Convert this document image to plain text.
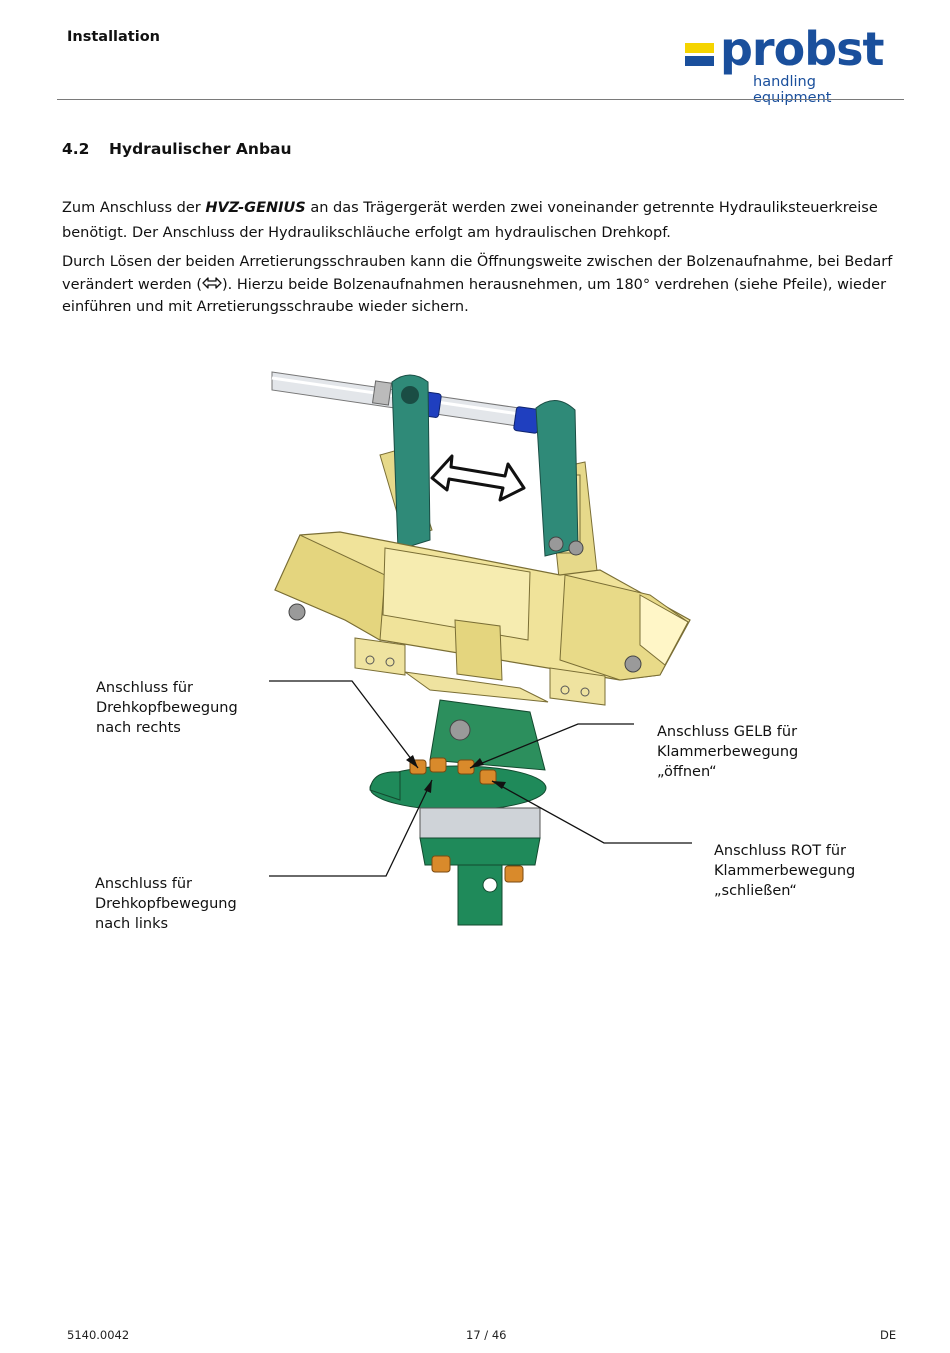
Installation	probst
handling equipment
4.2 Hydraulischer Anbau
Zum Anschluss der HVZ-GENIUS an das Trägergerät werden zwei voneinander getrennte Hydrauliksteuerkreise benötigt. Der Anschluss der Hydraulikschläuche erfolgt am hydraulischen Drehkopf.
Durch Lösen der beiden Arretierungsschrauben kann die Öffnungsweite zwischen der Bolzenaufnahme, bei Bedarf verändert werden ( ). Hierzu beide Bolzenaufnahmen herausnehmen, um 180° verdrehen (siehe Pfeile), wieder einführen und mit Arretierungsschraube wieder sichern.
Anschluss für
Drehkopfbewegung
nach rechts	Anschluss GELB für
Klammerbewegung
„öffnen“
Anschluss ROT für
Klammerbewegung
„schließen“
Anschluss für
Drehkopfbewegung
nach links
5140.0042	17 / 46	DE
